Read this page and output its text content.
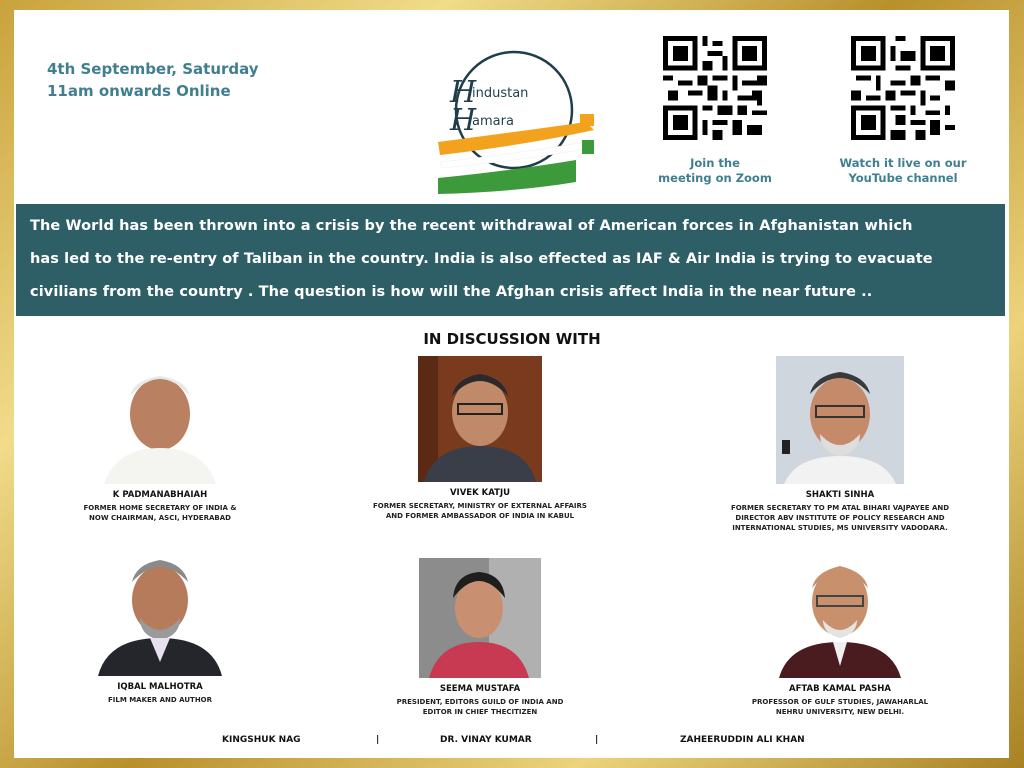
4th September, Saturday
11am onwards Online	H
industan
H
amara
Join the
meeting on Zoom
Watch it live on our
YouTube channel
The World has been thrown into a crisis by the recent withdrawal of American forces in Afghanistan which
has led to the re-entry of Taliban in the country. India is also effected as IAF & Air India is trying to evacuate
civilians from the country . The question is how will the Afghan crisis affect India in the near future ..
IN DISCUSSION WITH
K PADMANABHAIAH
FORMER HOME SECRETARY OF INDIA &
NOW CHAIRMAN, ASCI, HYDERABAD
VIVEK KATJU
FORMER SECRETARY, MINISTRY OF EXTERNAL AFFAIRS
AND FORMER AMBASSADOR OF INDIA IN KABUL
SHAKTI SINHA
FORMER SECRETARY TO PM ATAL BIHARI VAJPAYEE AND
DIRECTOR ABV INSTITUTE OF POLICY RESEARCH AND
INTERNATIONAL STUDIES, MS UNIVERSITY VADODARA.
IQBAL MALHOTRA
FILM MAKER AND AUTHOR
SEEMA MUSTAFA
PRESIDENT, EDITORS GUILD OF INDIA AND
EDITOR IN CHIEF THECITIZEN
AFTAB KAMAL PASHA
PROFESSOR OF GULF STUDIES, JAWAHARLAL
NEHRU UNIVERSITY, NEW DELHI.
KINGSHUK NAG	|	DR. VINAY KUMAR	|	ZAHEERUDDIN ALI KHAN
